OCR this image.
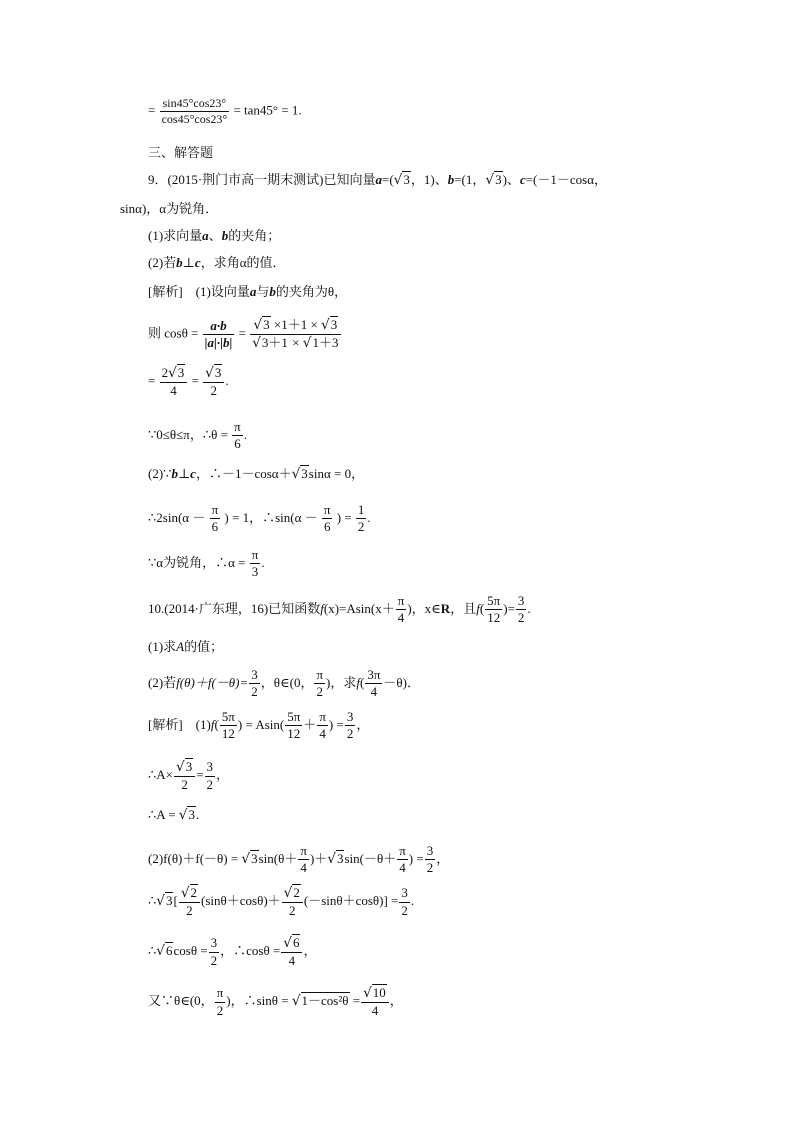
= $\frac{\sin 45^\circ\cos 23^\circ}{\cos 45^\circ\cos 23^\circ} = \tan 45^\circ = 1$.
三、解答题
9．(2015·荆门市高一期末测试)已知向量a=(√3，1)、b=(1，√3)、c=(－1－cosα，
sinα)，α为锐角．
(1)求向量a、b的夹角；
(2)若b⊥c，求角α的值．
[解析]　(1)设向量a与b的夹角为θ，
则 $\cos\theta = \frac{a\cdot b}{|a|\cdot|b|} = \frac{√3 \times 1+1 \times √3}{√3+1 \times √1+3}$
= $\frac{2√3}{4} = \frac{√3}{2}$ .
∵0≤θ≤π，∴θ = $\frac{\pi}{6}$ .
(2)∵b⊥c，∴－1－cosα＋√3sinα = 0，
∴2sin(α － $\frac{\pi}{6}$ ) = 1，∴sin(α － $\frac{\pi}{6}$ ) = $\frac{1}{2}$ .
∵α为锐角，∴α = $\frac{\pi}{3}$ .
10.(2014·广东理，16)已知函数$f(x)=Asin(x+ \frac{\pi}{4}$ )，x∈R，且$f( \frac{5\pi}{12}$ )= $\frac{3}{2}$ .
(1)求A的值；
(2)若$f(\theta)+f(-\theta)= \frac{3}{2}$ ，θ∈(0， $\frac{\pi}{2}$ )，求$f( \frac{3\pi}{4} -\theta)$．
[解析]　$(1)f( \frac{5\pi}{12}$ ) = $Asin( \frac{5\pi}{12} + \frac{\pi}{4}$ ) = $\frac{3}{2}$ ，
∴A× $\frac{√3}{2} = \frac{3}{2}$ ，
∴A = √3.
$(2)f(\theta)+f(-\theta) = √3\sin(\theta+ \frac{\pi}{4} )+√3\sin(-\theta+ \frac{\pi}{4}$ ) = $\frac{3}{2}$ ，
∴√3[ $\frac{√2}{2} (\sin\theta+\cos\theta)+ \frac{√2}{2} (-\sin\theta+\cos\theta)] = \frac{3}{2}$ .
∴√6cosθ = $\frac{3}{2}$ ，∴cosθ = $\frac{√6}{4}$ ，
又∵θ∈(0， $\frac{\pi}{2}$ )，∴sinθ = $√1-\cos^2\theta = \frac{√10}{4}$ ，
